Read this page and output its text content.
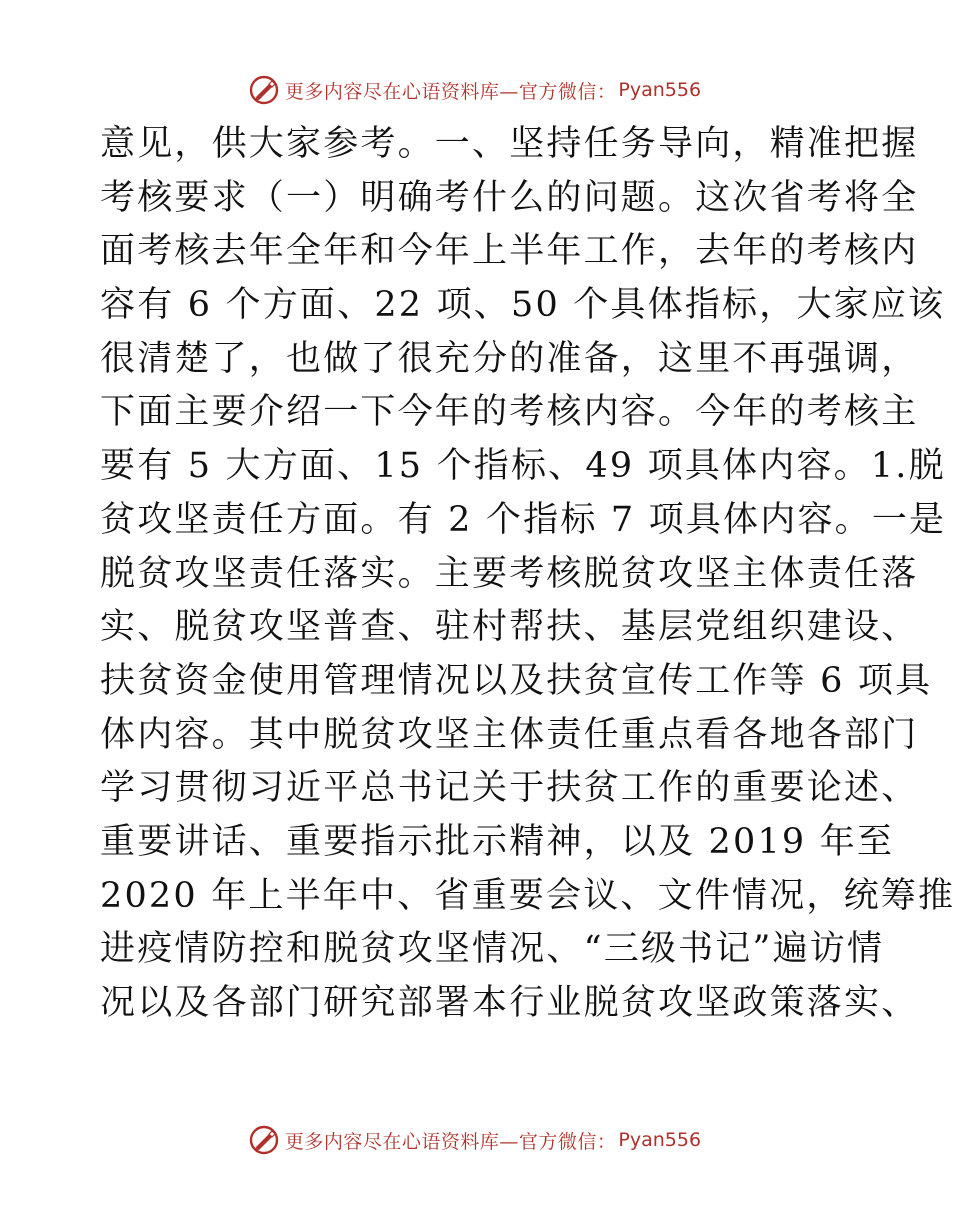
更多内容尽在心语资料库—官方微信： Pyan556
意见，供大家参考。一、坚持任务导向，精准把握
考核要求（一）明确考什么的问题。这次省考将全
面考核去年全年和今年上半年工作，去年的考核内
容有 6 个方面、22 项、50 个具体指标，大家应该
很清楚了，也做了很充分的准备，这里不再强调，
下面主要介绍一下今年的考核内容。今年的考核主
要有 5 大方面、15 个指标、49 项具体内容。1.脱
贫攻坚责任方面。有 2 个指标 7 项具体内容。一是
脱贫攻坚责任落实。主要考核脱贫攻坚主体责任落
实、脱贫攻坚普查、驻村帮扶、基层党组织建设、
扶贫资金使用管理情况以及扶贫宣传工作等 6 项具
体内容。其中脱贫攻坚主体责任重点看各地各部门
学习贯彻习近平总书记关于扶贫工作的重要论述、
重要讲话、重要指示批示精神，以及 2019 年至
2020 年上半年中、省重要会议、文件情况，统筹推
进疫情防控和脱贫攻坚情况、“三级书记”遍访情
况以及各部门研究部署本行业脱贫攻坚政策落实、
更多内容尽在心语资料库—官方微信： Pyan556
